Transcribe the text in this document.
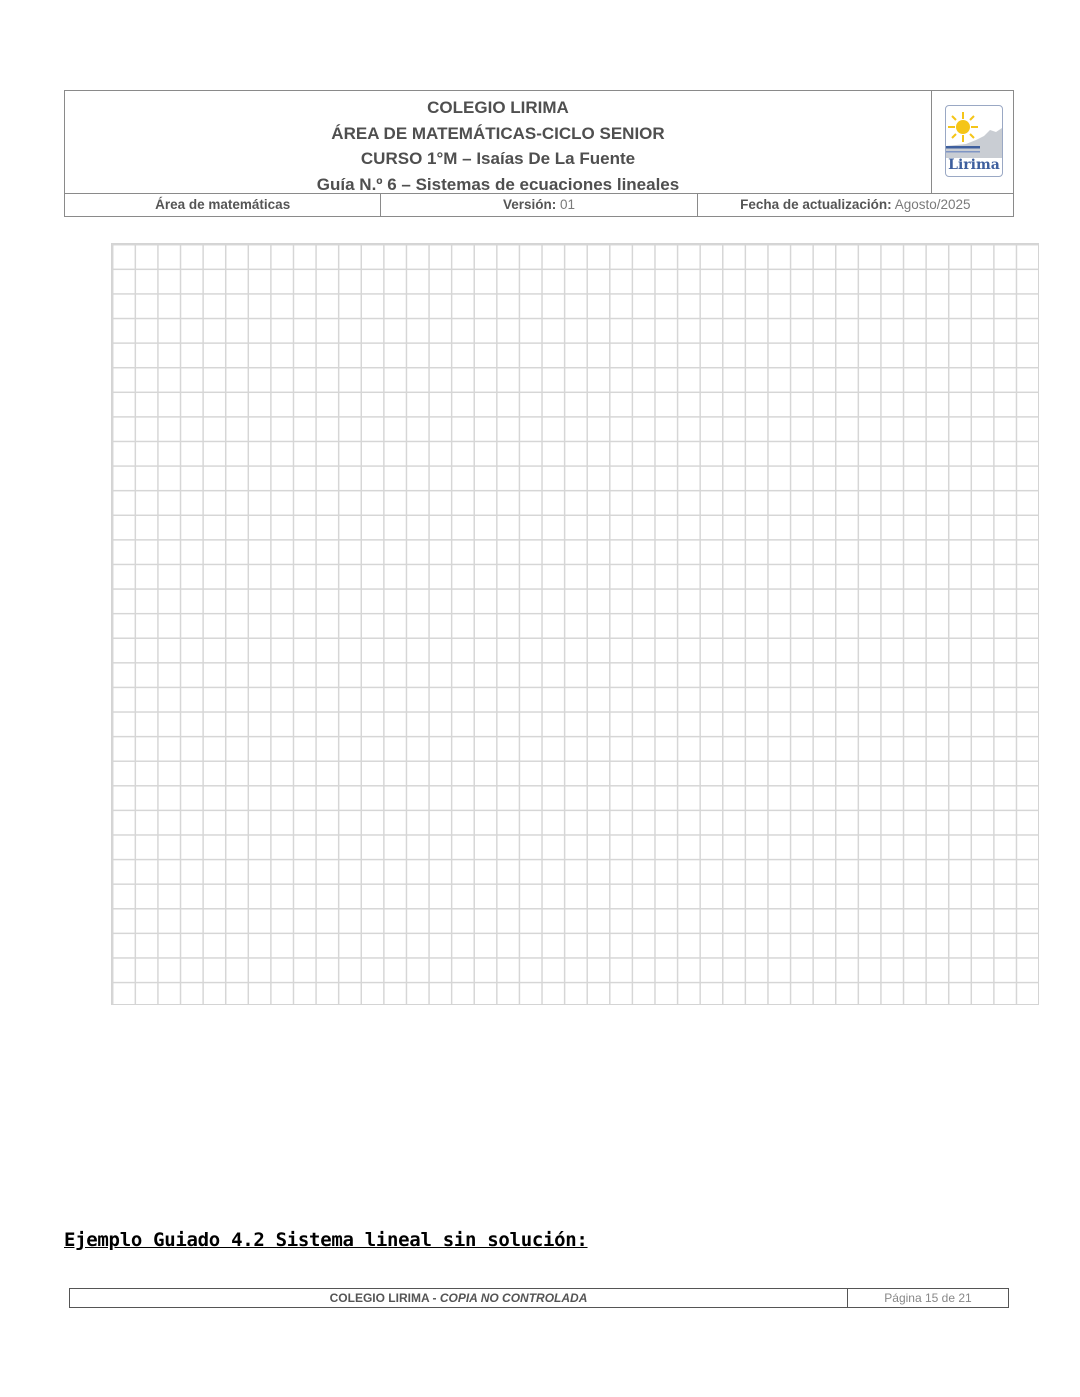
COLEGIO LIRIMA
ÁREA DE MATEMÁTICAS-CICLO SENIOR
CURSO 1°M – Isaías De La Fuente
Guía N.º 6 – Sistemas de ecuaciones lineales
Lirima
Área de matemáticas	Versión: 01	Fecha de actualización: Agosto/2025
Ejemplo Guiado 4.2 Sistema lineal sin solución:
COLEGIO LIRIMA - COPIA NO CONTROLADA	Página 15 de 21
